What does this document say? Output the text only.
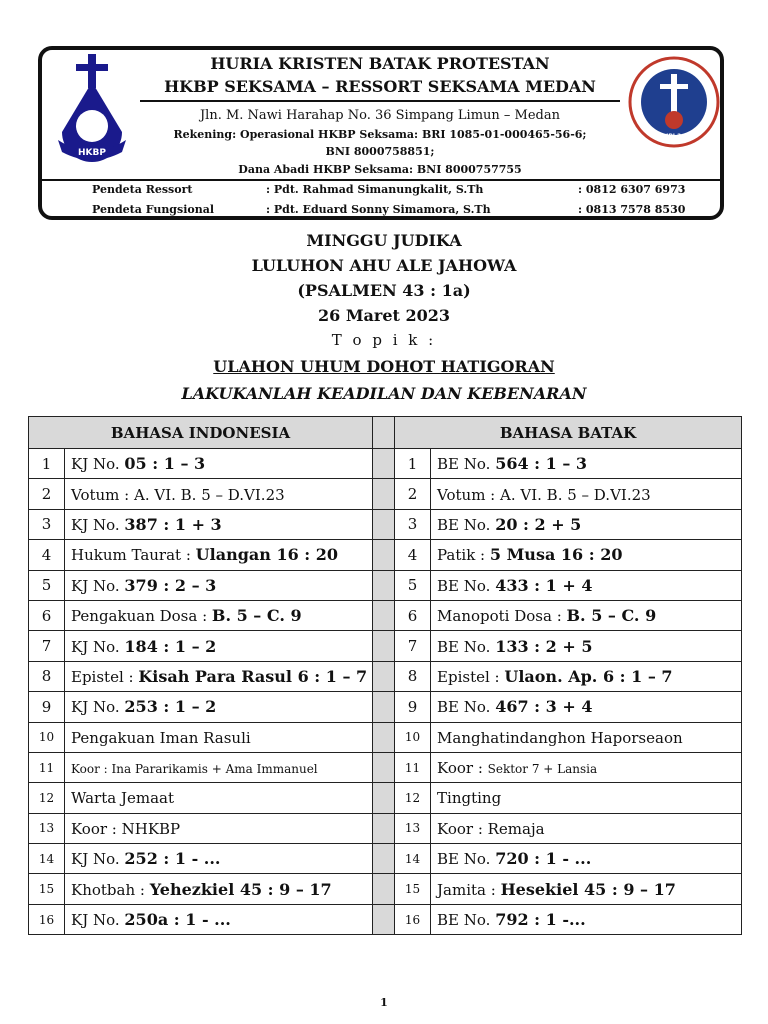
HKBP
FILIPI 2:12
HURIA KRISTEN BATAK PROTESTAN
HKBP SEKSAMA – RESSORT SEKSAMA MEDAN
Jln. M. Nawi Harahap No. 36 Simpang Limun – Medan
Rekening: Operasional HKBP Seksama: BRI 1085-01-000465-56-6;
BNI 8000758851;
Dana Abadi HKBP Seksama: BNI 8000757755
Pendeta Ressort	: Pdt. Rahmad Simanungkalit, S.Th	: 0812 6307 6973
Pendeta Fungsional	: Pdt. Eduard Sonny Simamora, S.Th	: 0813 7578 8530
MINGGU JUDIKA
LULUHON AHU ALE JAHOWA
(PSALMEN 43 : 1a)
26 Maret 2023
T o p i k :
ULAHON UHUM DOHOT HATIGORAN
LAKUKANLAH KEADILAN DAN KEBENARAN
BAHASA INDONESIA			BAHASA BATAK	
1	KJ No. 05 : 1 – 3		1	BE No. 564 : 1 – 3
2	Votum : A. VI. B. 5 – D.VI.23		2	Votum : A. VI. B. 5 – D.VI.23
3	KJ No. 387 : 1 + 3		3	BE No. 20 : 2 + 5
4	Hukum Taurat : Ulangan 16 : 20		4	Patik : 5 Musa 16 : 20
5	KJ No. 379 : 2 – 3		5	BE No. 433 : 1 + 4
6	Pengakuan Dosa : B. 5 – C. 9		6	Manopoti Dosa : B. 5 – C. 9
7	KJ No. 184 : 1 – 2		7	BE No. 133 : 2 + 5
8	Epistel : Kisah Para Rasul 6 : 1 – 7		8	Epistel : Ulaon. Ap. 6 : 1 – 7
9	KJ No. 253 : 1 – 2		9	BE No. 467 : 3 + 4
10	Pengakuan Iman Rasuli		10	Manghatindanghon Haporseaon
11	Koor : Ina Pararikamis + Ama Immanuel		11	Koor : Sektor 7 + Lansia
12	Warta Jemaat		12	Tingting
13	Koor : NHKBP		13	Koor : Remaja
14	KJ No. 252 : 1 - ...		14	BE No. 720 : 1 - ...
15	Khotbah : Yehezkiel 45 : 9 – 17		15	Jamita : Hesekiel 45 : 9 – 17
16	KJ No. 250a : 1 - ...		16	BE No. 792 : 1 -...
1
